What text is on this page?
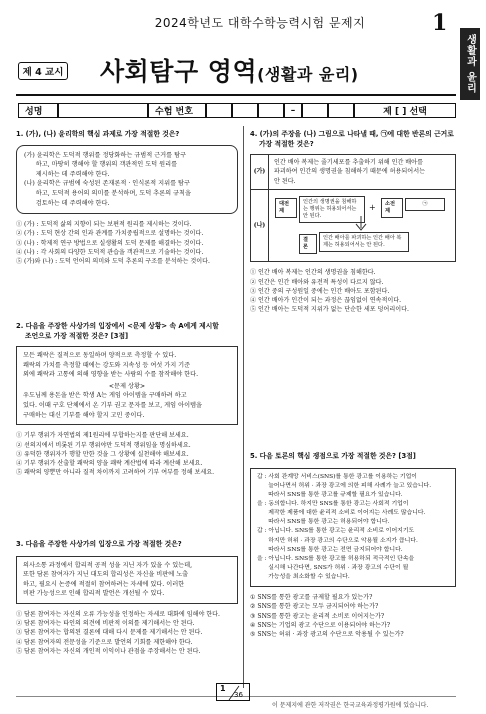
2024학년도 대학수학능력시험 문제지	1
생활과 윤리
제 4 교시 사회탐구 영역(생활과 윤리)
성명	수험 번호	–	제 [ ] 선택
1. (가), (나) 윤리학의 핵심 과제로 가장 적절한 것은?
(가) 윤리학은 도덕적 행위를 정당화하는 규범적 근거를 탐구
하고, 마땅히 행해야 할 행위의 객관적인 도덕 원리를
제시하는 데 주력해야 한다.
(나) 윤리학은 규범에 숙성된 존재론적 · 인식론적 지위를 탐구
하고, 도덕적 용어의 의미를 분석하며, 도덕 추론의 규칙을
검토하는 데 주력해야 한다.
① (가) : 도덕적 삶의 지향이 되는 보편적 원리를 제시하는 것이다.
② (가) : 도덕 현상 간의 인과 관계를 가치중립적으로 설명하는 것이다.
③ (나) : 학제적 연구 방법으로 실생활의 도덕 문제를 해결하는 것이다.
④ (나) : 각 사회의 다양한 도덕적 관습을 객관적으로 기술하는 것이다.
⑤ (가)와 (나) : 도덕 언어의 의미와 도덕 추론의 구조를 분석하는 것이다.
2. 다음을 주장한 사상가의 입장에서 <문제 상황> 속 A에게 제시할
조언으로 가장 적절한 것은? [3점]
모든 쾌락은 질적으로 동일하며 양적으로 측정할 수 있다.
쾌락의 가치를 측정할 때에는 강도와 지속성 등 여섯 가지 기준
외에 쾌락과 고통에 의해 영향을 받는 사람의 수를 참작해야 한다.
<문제 상황>
우도님께 용돈을 받은 학생 A는 게임 아이템을 구매하려 하고
있다. 이때 구호 단체에서 온 기부 권고 문자를 보고, 게임 아이템을
구매하는 대신 기부를 해야 할지 고민 중이다.
① 기부 행위가 자연법의 제1원리에 부합하는지를 판단해 보세요.
② 선의지에서 비롯된 기부 행위야만 도덕적 행위임을 명심하세요.
③ 유덕한 행위자가 행할 만한 것을 그 상황에 실천해야 해보세요.
④ 기부 행위가 산출할 쾌락의 양을 쾌락 계산법에 따라 계산해 보세요.
⑤ 쾌락의 양뿐만 아니라 질적 차이까지 고려하여 기부 여부를 정해 보세요.
3. 다음을 주장한 사상가의 입장으로 가장 적절한 것은?
의사소통 과정에서 합리적 공적 성을 지닌 자가 있을 수 있는데,
또한 담론 참여자가 지닌 대도의 합리성은 자신을 비판에 노출
하고, 필요시 논증에 적절히 참여하려는 자세에 있다. 이러한
비판 가능성으로 인해 합리적 발언은 개선될 수 있다.
① 담론 참여자는 자신의 오류 가능성을 인정하는 자세로 대화에 임해야 한다.
② 담론 참여자는 타인의 의견에 비판적 이의를 제기해서는 안 된다.
③ 담론 참여자는 합의된 결론에 대해 다시 문제를 제기해서는 안 된다.
④ 담론 참여자의 전문성을 기준으로 발언의 기회를 제한해야 한다.
⑤ 담론 참여자는 자신의 개인적 이익이나 관점을 주장해서는 안 된다.
4. (가)의 주장을 (나) 그림으로 나타낼 때, ㉠에 대한 반론의 근거로
가장 적절한 것은?
(가)
인간 배아 복제는 줄기세포를 추출하기 위해 인간 배아를
파괴하여 인간의 생명권을 침해하기 때문에 허용되어서는
안 된다.
(나)
대전제
인간의 생명권을 침해하는 행위는 허용되어서는 안 된다.
+	소전제
㉠
결론
인간 배아를 파괴하는 인간 배아 복제는 허용되어서는 안 된다.
① 인간 배아 복제는 인간의 생명권을 침해한다.
② 인간은 인간 배아와 유전적 특성이 다르지 않다.
③ 인간 중의 구성원일 중에는 인간 배아도 포함된다.
④ 인간 배아가 인간이 되는 과정은 끊임없이 연속적이다.
⑤ 인간 배아는 도덕적 지위가 없는 단순한 세포 덩어리이다.
5. 다음 토론의 핵심 쟁점으로 가장 적절한 것은? [3점]
갑 : 사회 관계망 서비스(SNS)를 통한 광고를 이용하는 기업이
늘어나면서 허위 · 과장 광고에 의한 피해 사례가 늘고 있습니다.
따라서 SNS를 통한 광고를 규제할 필요가 있습니다.
을 : 동의합니다. 하지만 SNS를 통한 광고는 사회적 기업이
제작한 제품에 대한 윤리적 소비로 이어지는 사례도 많습니다.
따라서 SNS를 통한 광고는 허용되어야 합니다.
갑 : 아닙니다. SNS를 통한 광고는 윤리적 소비로 이어지기도
하지만 허위 · 과장 광고의 수단으로 악용될 소지가 큽니다.
따라서 SNS를 통한 광고는 전면 금지되어야 합니다.
을 : 아닙니다. SNS를 통한 광고를 허용하되 적극적인 단속을
실시해 나간다면, SNS가 허위 · 과장 광고의 수단이 될
가능성을 최소화할 수 있습니다.
① SNS를 통한 광고를 규제할 필요가 있는가?
② SNS를 통한 광고는 모두 금지되어야 하는가?
③ SNS를 통한 광고는 윤리적 소비로 이어지는가?
④ SNS는 기업의 광고 수단으로 이용되어야 하는가?
⑤ SNS는 허위 · 과장 광고의 수단으로 악용될 수 있는가?
1
36
이 문제지에 관한 저작권은 한국교육과정평가원에 있습니다.
